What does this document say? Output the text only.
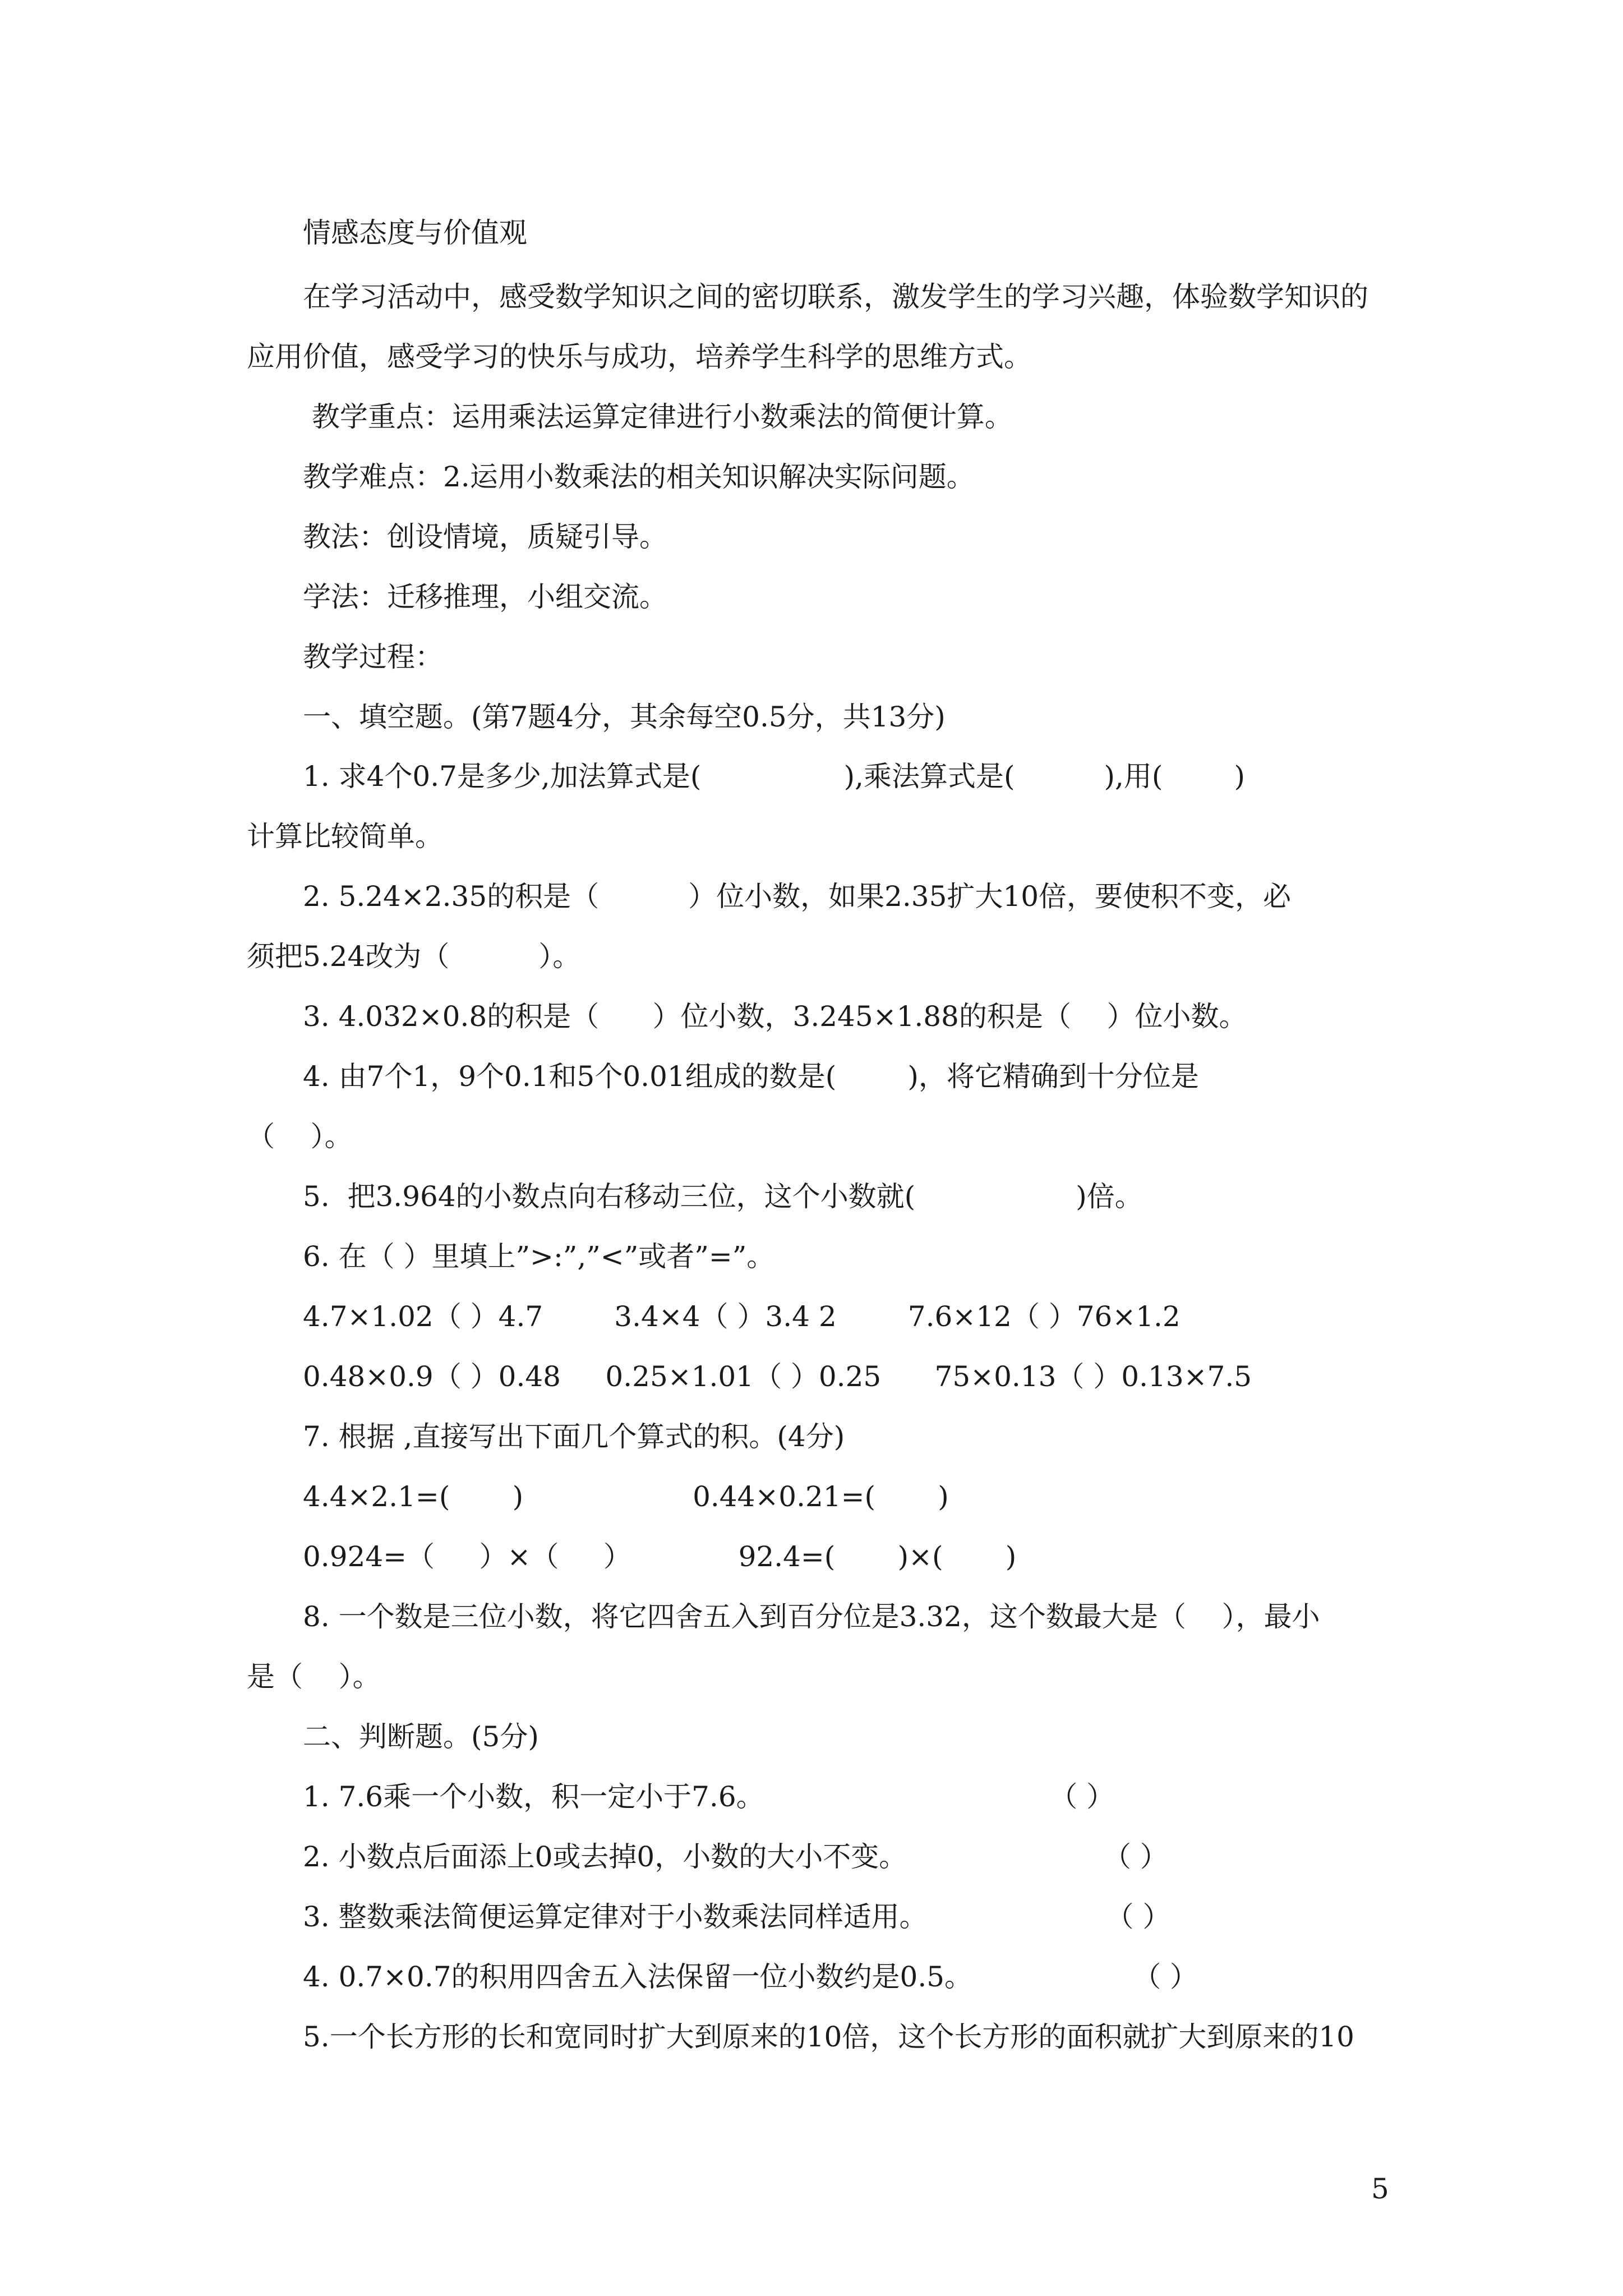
情感态度与价值观
在学习活动中，感受数学知识之间的密切联系，激发学生的学习兴趣，体验数学知识的
应用价值，感受学习的快乐与成功，培养学生科学的思维方式。
教学重点：运用乘法运算定律进行小数乘法的简便计算。
教学难点：2.运用小数乘法的相关知识解决实际问题。
教法：创设情境，质疑引导。
学法：迁移推理，小组交流。
教学过程：
一、填空题。(第7题4分，其余每空0.5分，共13分)
1. 求4个0.7是多少,加法算式是(                ),乘法算式是(          ),用(        )
计算比较简单。
2. 5.24×2.35的积是（          ）位小数，如果2.35扩大10倍，要使积不变，必
须把5.24改为（          ）。
3. 4.032×0.8的积是（      ）位小数，3.245×1.88的积是（    ）位小数。
4. 由7个1，9个0.1和5个0.01组成的数是(        )，将它精确到十分位是
（    ）。
5.  把3.964的小数点向右移动三位，这个小数就(                  )倍。
6. 在（ ）里填上”>:”,”<”或者”=”。
4.7×1.02（ ）4.7        3.4×4（ ）3.4 2        7.6×12（ ）76×1.2
0.48×0.9（ ）0.48     0.25×1.01（ ）0.25      75×0.13（ ）0.13×7.5
7. 根据 ,直接写出下面几个算式的积。(4分)
4.4×2.1=(       )                   0.44×0.21=(       )
0.924=（     ）×（     ）            92.4=(       )×(       )
8. 一个数是三位小数，将它四舍五入到百分位是3.32，这个数最大是（    ），最小
是（    ）。
二、判断题。(5分)
1. 7.6乘一个小数，积一定小于7.6。                                （ ）
2. 小数点后面添上0或去掉0，小数的大小不变。                      （ ）
3. 整数乘法简便运算定律对于小数乘法同样适用。                    （ ）
4. 0.7×0.7的积用四舍五入法保留一位小数约是0.5。                  （ ）
5.一个长方形的长和宽同时扩大到原来的10倍，这个长方形的面积就扩大到原来的10
5
